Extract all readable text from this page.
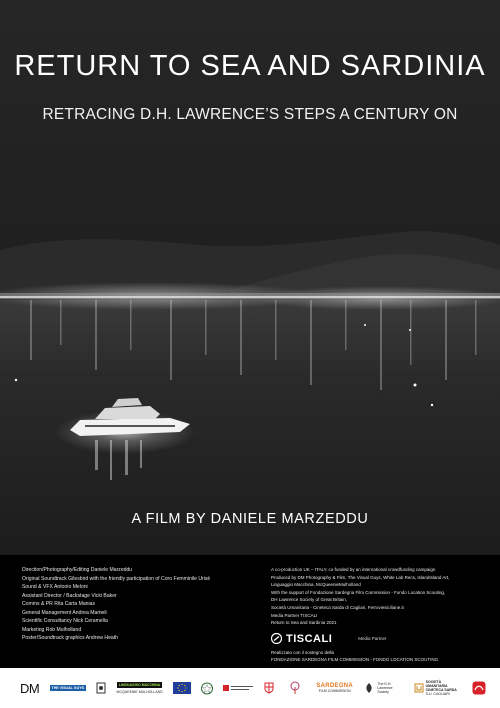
RETURN TO SEA AND SARDINIA
RETRACING D.H. LAWRENCE’S STEPS A CENTURY ON
A FILM BY DANIELE MARZEDDU
Direction/Photography/Editing Daniele Marzeddu
Original Soundtrack Gilesbird with the friendly participation of Coro Femminile Urisè
Sound & VFX Antonio Meloni
Assistant Director / Backstage Vicki Baker
Comms & PR Rita Carta Manias
General Management Andrea Mameli
Scientific Consultancy Nick Ceramella
Marketing Rob Mulholland
Poster/Soundtrack graphics Andrew Heath
A co-production UK – ITALY, co-funded by an international crowdfunding campaign
Produced by DM Photography & Film, The Visual Guys, White Lab Recs, IslandIsland Art,
Linguaggio Macchina, McQueenieMulholland
With the support of Fondazione Sardegna Film Commission - Fondo Location Scouting,
DH Lawrence Society of Great Britain,
Società Umanitaria - Cineteca Sarda di Cagliari, Ferroviesiciliane.it
Media Partner TISCALI
Return to Sea and Sardinia 2021
TISCALI	Media Partner
Realizzato con il sostegno della
FONDAZIONE SARDEGNA FILM COMMISSION - FONDO LOCATION SCOUTING
DM	THE VISUAL GUYS
LINGUAGGIO MACCHINA
MCQUEENIE MULHOLLAND
SARDEGNA
FILM COMMISSION
The D.H. Lawrence Society
SOCIETÀ UMANITARIA CINETECA SARDA
S.U. CAGLIARI
